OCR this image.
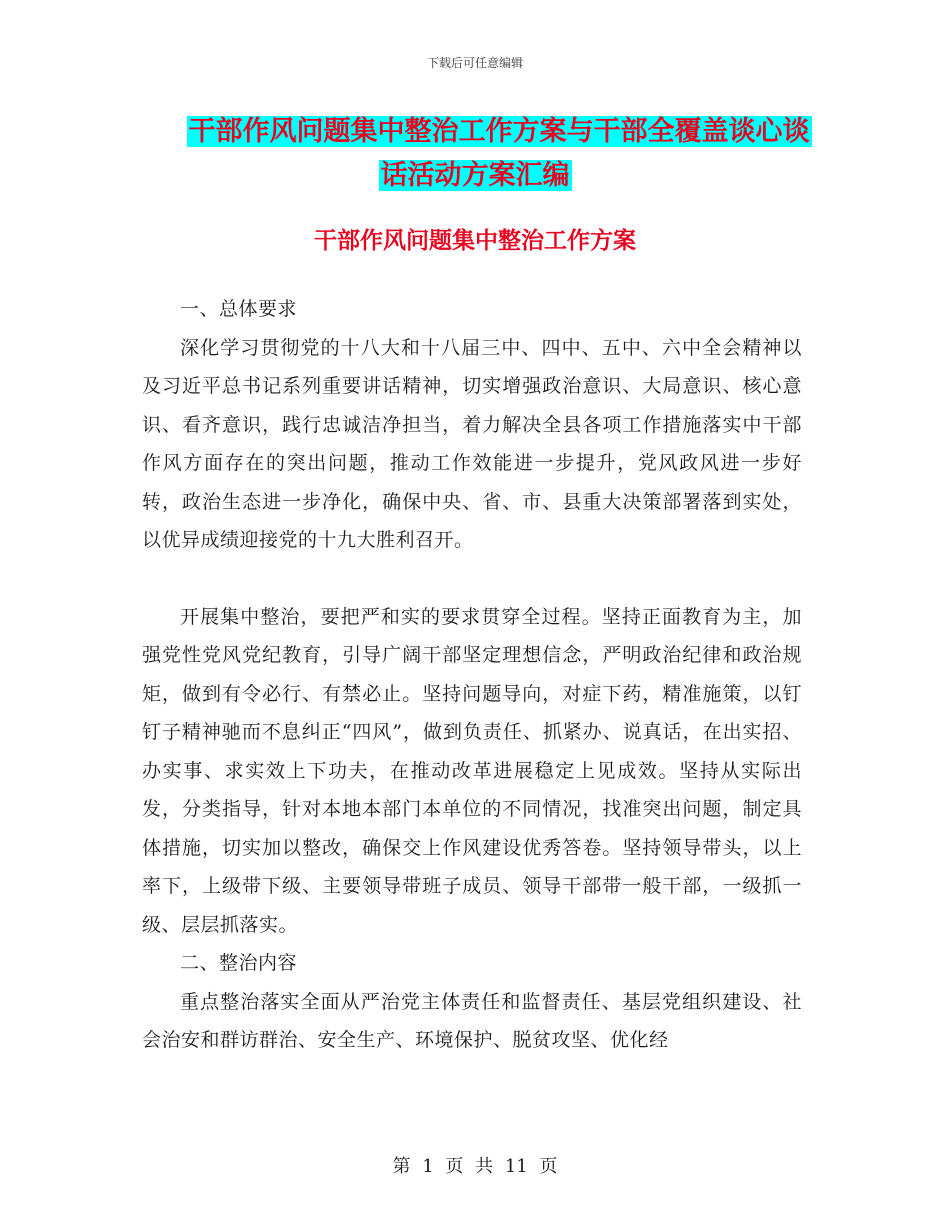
下载后可任意编辑
干部作风问题集中整治工作方案与干部全覆盖谈心谈
话活动方案汇编
干部作风问题集中整治工作方案

一、总体要求

深化学习贯彻党的十八大和十八届三中、四中、五中、六中全会精神以及习近平总书记系列重要讲话精神，切实增强政治意识、大局意识、核心意识、看齐意识，践行忠诚洁净担当，着力解决全县各项工作措施落实中干部作风方面存在的突出问题，推动工作效能进一步提升，党风政风进一步好转，政治生态进一步净化，确保中央、省、市、县重大决策部署落到实处，以优异成绩迎接党的十九大胜利召开。

开展集中整治，要把严和实的要求贯穿全过程。坚持正面教育为主，加强党性党风党纪教育，引导广阔干部坚定理想信念，严明政治纪律和政治规矩，做到有令必行、有禁必止。坚持问题导向，对症下药，精准施策，以钉钉子精神驰而不息纠正“四风”，做到负责任、抓紧办、说真话，在出实招、办实事、求实效上下功夫，在推动改革进展稳定上见成效。坚持从实际出发，分类指导，针对本地本部门本单位的不同情况，找准突出问题，制定具体措施，切实加以整改，确保交上作风建设优秀答卷。坚持领导带头，以上率下，上级带下级、主要领导带班子成员、领导干部带一般干部，一级抓一级、层层抓落实。

二、整治内容

重点整治落实全面从严治党主体责任和监督责任、基层党组织建设、社会治安和群访群治、安全生产、环境保护、脱贫攻坚、优化经

第 1 页 共 11 页
